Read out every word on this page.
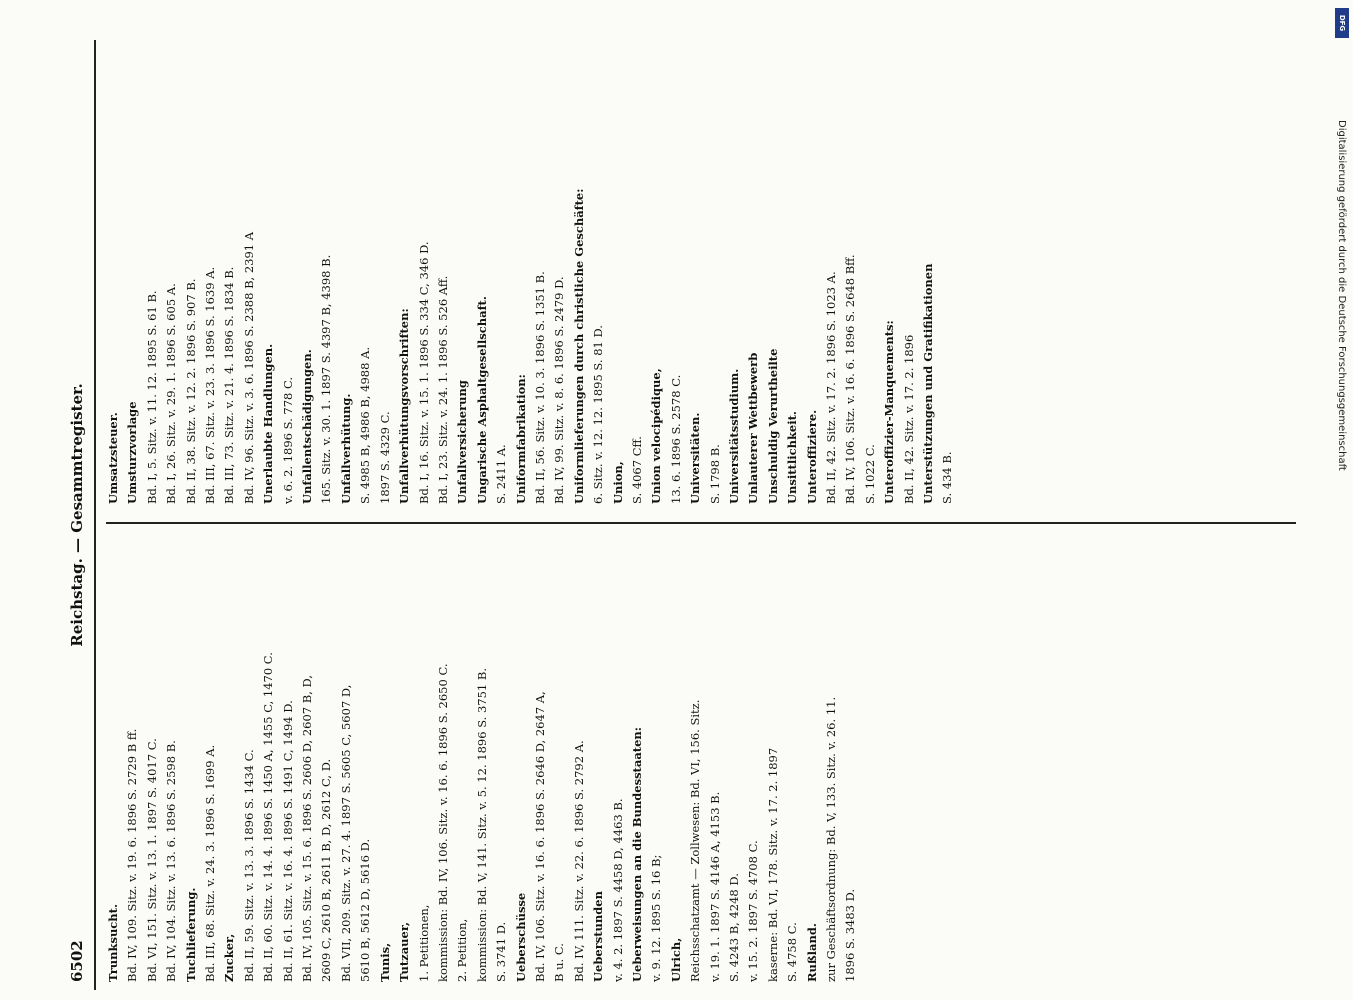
6502
Reichstag. — Gesammtregister.

Trunksucht. Bd. IV, 109. Sitz. v. 19. 6. 1896 S. 2729 B ff. Bd. VI, 151. Sitz. v. 13. 1. 1897 S. 4017 C. Bd. IV, 104. Sitz. v. 13. 6. 1896 S. 2598 B. Tuchlieferung. Bd. III, 68. Sitz. v. 24. 3. 1896 S. 1699 A. Zucker, Bd. II, 59. Sitz. v. 13. 3. 1896 S. 1434 C. Bd. II, 60. Sitz. v. 14. 4. 1896 S. 1450 A, 1455 C, 1470 C. Bd. II, 61. Sitz. v. 16. 4. 1896 S. 1491 C, 1494 D. Bd. IV, 105. Sitz. v. 15. 6. 1896 S. 2606 D, 2607 B, D, 2609 C, 2610 B, 2611 B, D, 2612 C, D. Bd. VII, 209. Sitz. v. 27. 4. 1897 S. 5605 C, 5607 D, 5610 B, 5612 D, 5616 D. Tunis, Tutzauer, 1. Petitionen, kommission: Bd. IV, 106. Sitz. v. 16. 6. 1896 S. 2650 C. 2. Petition, kommission: Bd. V, 141. Sitz. v. 5. 12. 1896 S. 3751 B. S. 3741 D. Ueberschüsse Bd. IV, 106. Sitz. v. 16. 6. 1896 S. 2646 D, 2647 A, B u. C. Bd. IV, 111. Sitz. v. 22. 6. 1896 S. 2792 A. Ueberstunden v. 4. 2. 1897 S. 4458 D, 4463 B. Ueberweisungen an die Bundesstaaten: v. 9. 12. 1895 S. 16 B; Ulrich, Reichsschatzamt — Zollwesen: Bd. VI, 156. Sitz. v. 19. 1. 1897 S. 4146 A, 4153 B. S. 4243 B, 4248 D. v. 15. 2. 1897 S. 4708 C. kaserne: Bd. VI, 178. Sitz. v. 17. 2. 1897 S. 4758 C. Rußland. zur Geschäftsordnung: Bd. V, 133. Sitz. v. 26. 11. 1896 S. 3483 D.

Umsatzsteuer. Umsturzvorlage Bd. I, 5. Sitz. v. 11. 12. 1895 S. 61 B. Bd. I, 26. Sitz. v. 29. 1. 1896 S. 605 A. Bd. II, 38. Sitz. v. 12. 2. 1896 S. 907 B. Bd. III, 67. Sitz. v. 23. 3. 1896 S. 1639 A. Bd. III, 73. Sitz. v. 21. 4. 1896 S. 1834 B. Bd. IV, 96. Sitz. v. 3. 6. 1896 S. 2388 B, 2391 A Unerlaubte Handlungen. v. 6. 2. 1896 S. 778 C. Unfallentschädigungen. 165. Sitz. v. 30. 1. 1897 S. 4397 B, 4398 B. Unfallverhütung. S. 4985 B, 4986 B, 4988 A. 1897 S. 4329 C. Unfallverhütungsvorschriften: Bd. I, 16. Sitz. v. 15. 1. 1896 S. 334 C, 346 D. Bd. I, 23. Sitz. v. 24. 1. 1896 S. 526 Aff. Unfallversicherung Ungarische Asphaltgesellschaft. S. 2411 A. Uniformfabrikation: Bd. II, 56. Sitz. v. 10. 3. 1896 S. 1351 B. Bd. IV, 99. Sitz. v. 8. 6. 1896 S. 2479 D. Uniformlieferungen durch christliche Geschäfte: 6. Sitz. v. 12. 12. 1895 S. 81 D. Union, S. 4067 Cff. Union velocipédique, 13. 6. 1896 S. 2578 C. Universitäten. S. 1798 B. Universitätsstudium. Unlauterer Wettbewerb Unschuldig Verurtheilte Unsittlichkeit. Unteroffiziere. Bd. II, 42. Sitz. v. 17. 2. 1896 S. 1023 A. Bd. IV, 106. Sitz. v. 16. 6. 1896 S. 2648 Bff. S. 1022 C. Unteroffizier-Manquements: Bd. II, 42. Sitz. v. 17. 2. 1896 Unterstützungen und Gratifikationen S. 434 B.

DFG
Digitalisierung gefördert durch die Deutsche Forschungsgemeinschaft
